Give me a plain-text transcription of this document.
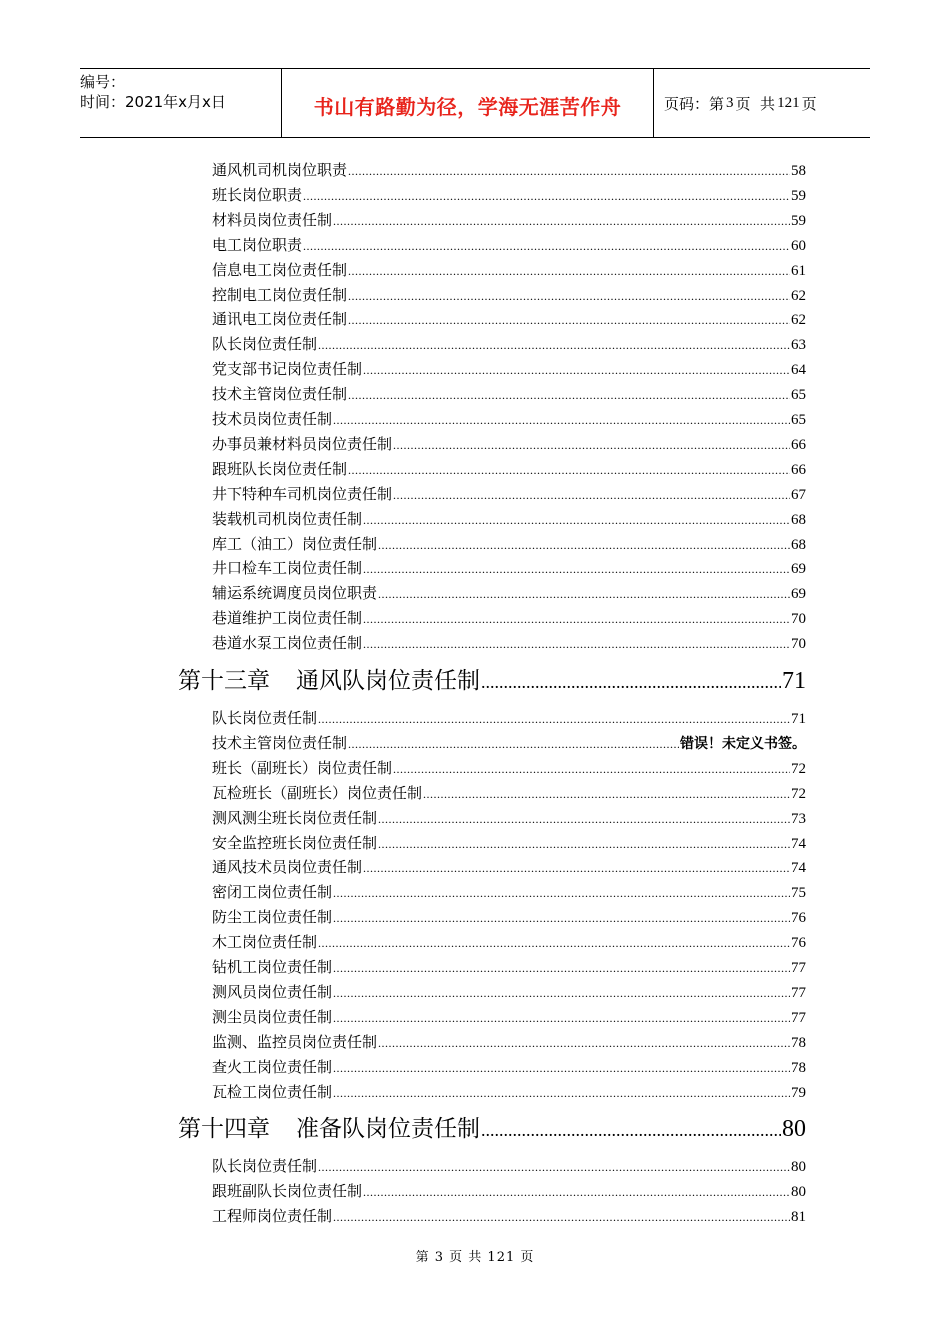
编号：
时间：2021年x月x日	书山有路勤为径，学海无涯苦作舟	页码：第 3 页  共 121 页
通风机司机岗位职责 .....	58
班长岗位职责 .....	59
材料员岗位责任制 .....	59
电工岗位职责 .....	60
信息电工岗位责任制 .....	61
控制电工岗位责任制 .....	62
通讯电工岗位责任制 .....	62
队长岗位责任制 .....	63
党支部书记岗位责任制 .....	64
技术主管岗位责任制 .....	65
技术员岗位责任制 .....	65
办事员兼材料员岗位责任制 .....	66
跟班队长岗位责任制 .....	66
井下特种车司机岗位责任制 .....	67
装载机司机岗位责任制 .....	68
库工（油工）岗位责任制 .....	68
井口检车工岗位责任制 .....	69
辅运系统调度员岗位职责 .....	69
巷道维护工岗位责任制 .....	70
巷道水泵工岗位责任制 .....	70
第十三章 通风队岗位责任制 .....	71
队长岗位责任制 .....	71
技术主管岗位责任制 .....	错误！未定义书签。
班长（副班长）岗位责任制 .....	72
瓦检班长（副班长）岗位责任制 .....	72
测风测尘班长岗位责任制 .....	73
安全监控班长岗位责任制 .....	74
通风技术员岗位责任制 .....	74
密闭工岗位责任制 .....	75
防尘工岗位责任制 .....	76
木工岗位责任制 .....	76
钻机工岗位责任制 .....	77
测风员岗位责任制 .....	77
测尘员岗位责任制 .....	77
监测、监控员岗位责任制 .....	78
查火工岗位责任制 .....	78
瓦检工岗位责任制 .....	79
第十四章 准备队岗位责任制 .....	80
队长岗位责任制 .....	80
跟班副队长岗位责任制 .....	80
工程师岗位责任制 .....	81
第 3 页 共 121 页
